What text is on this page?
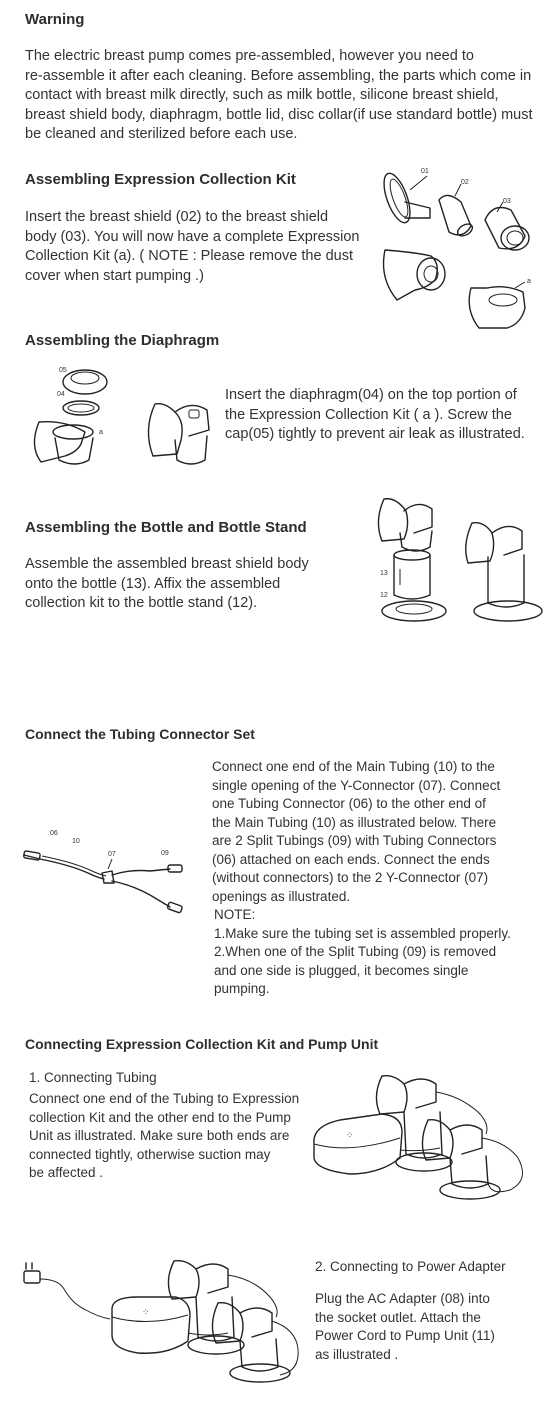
Warning

The electric breast pump comes pre-assembled, however you need to

re-assemble it after each cleaning. Before assembling, the parts which come in

contact with breast milk directly, such as milk bottle, silicone breast shield,

breast shield body, diaphragm, bottle lid, disc collar(if use standard bottle) must

be cleaned and sterilized before each use.

Assembling Expression Collection Kit

Insert the breast shield (02) to the breast shield

body (03). You will now have a complete Expression

Collection Kit (a). ( NOTE : Please remove the dust

cover when start pumping .)

01
02
03
a
Assembling the Diaphragm

Insert the diaphragm(04) on the top portion of

the Expression Collection Kit ( a ). Screw the

cap(05) tightly to prevent air leak as illustrated.

05
04
a
Assembling the Bottle and Bottle Stand

Assemble the assembled breast shield body

onto the bottle (13). Affix the assembled

collection kit to the bottle stand (12).

13
12
Connect the Tubing Connector Set

Connect one end of the Main Tubing (10) to the

single opening of the Y-Connector (07). Connect

one Tubing Connector (06) to the other end of

the Main Tubing (10) as illustrated below. There

are 2 Split Tubings (09) with Tubing Connectors

(06) attached on each ends. Connect the ends

(without connectors) to the 2 Y-Connector (07)

openings as illustrated.

NOTE:

1.Make sure the tubing set is assembled properly.

2.When one of the Split Tubing (09) is removed

and one side is plugged, it becomes single

pumping.

06
10
07	09
Connecting Expression Collection Kit and Pump Unit

1. Connecting Tubing

Connect one end of the Tubing to Expression

collection Kit and the other end to the Pump

Unit as illustrated. Make sure both ends are

connected tightly, otherwise suction may

be affected .

⁘
⁘

2. Connecting to Power Adapter

Plug the AC Adapter (08) into

the socket outlet. Attach the

Power Cord to Pump Unit (11)

as illustrated .
